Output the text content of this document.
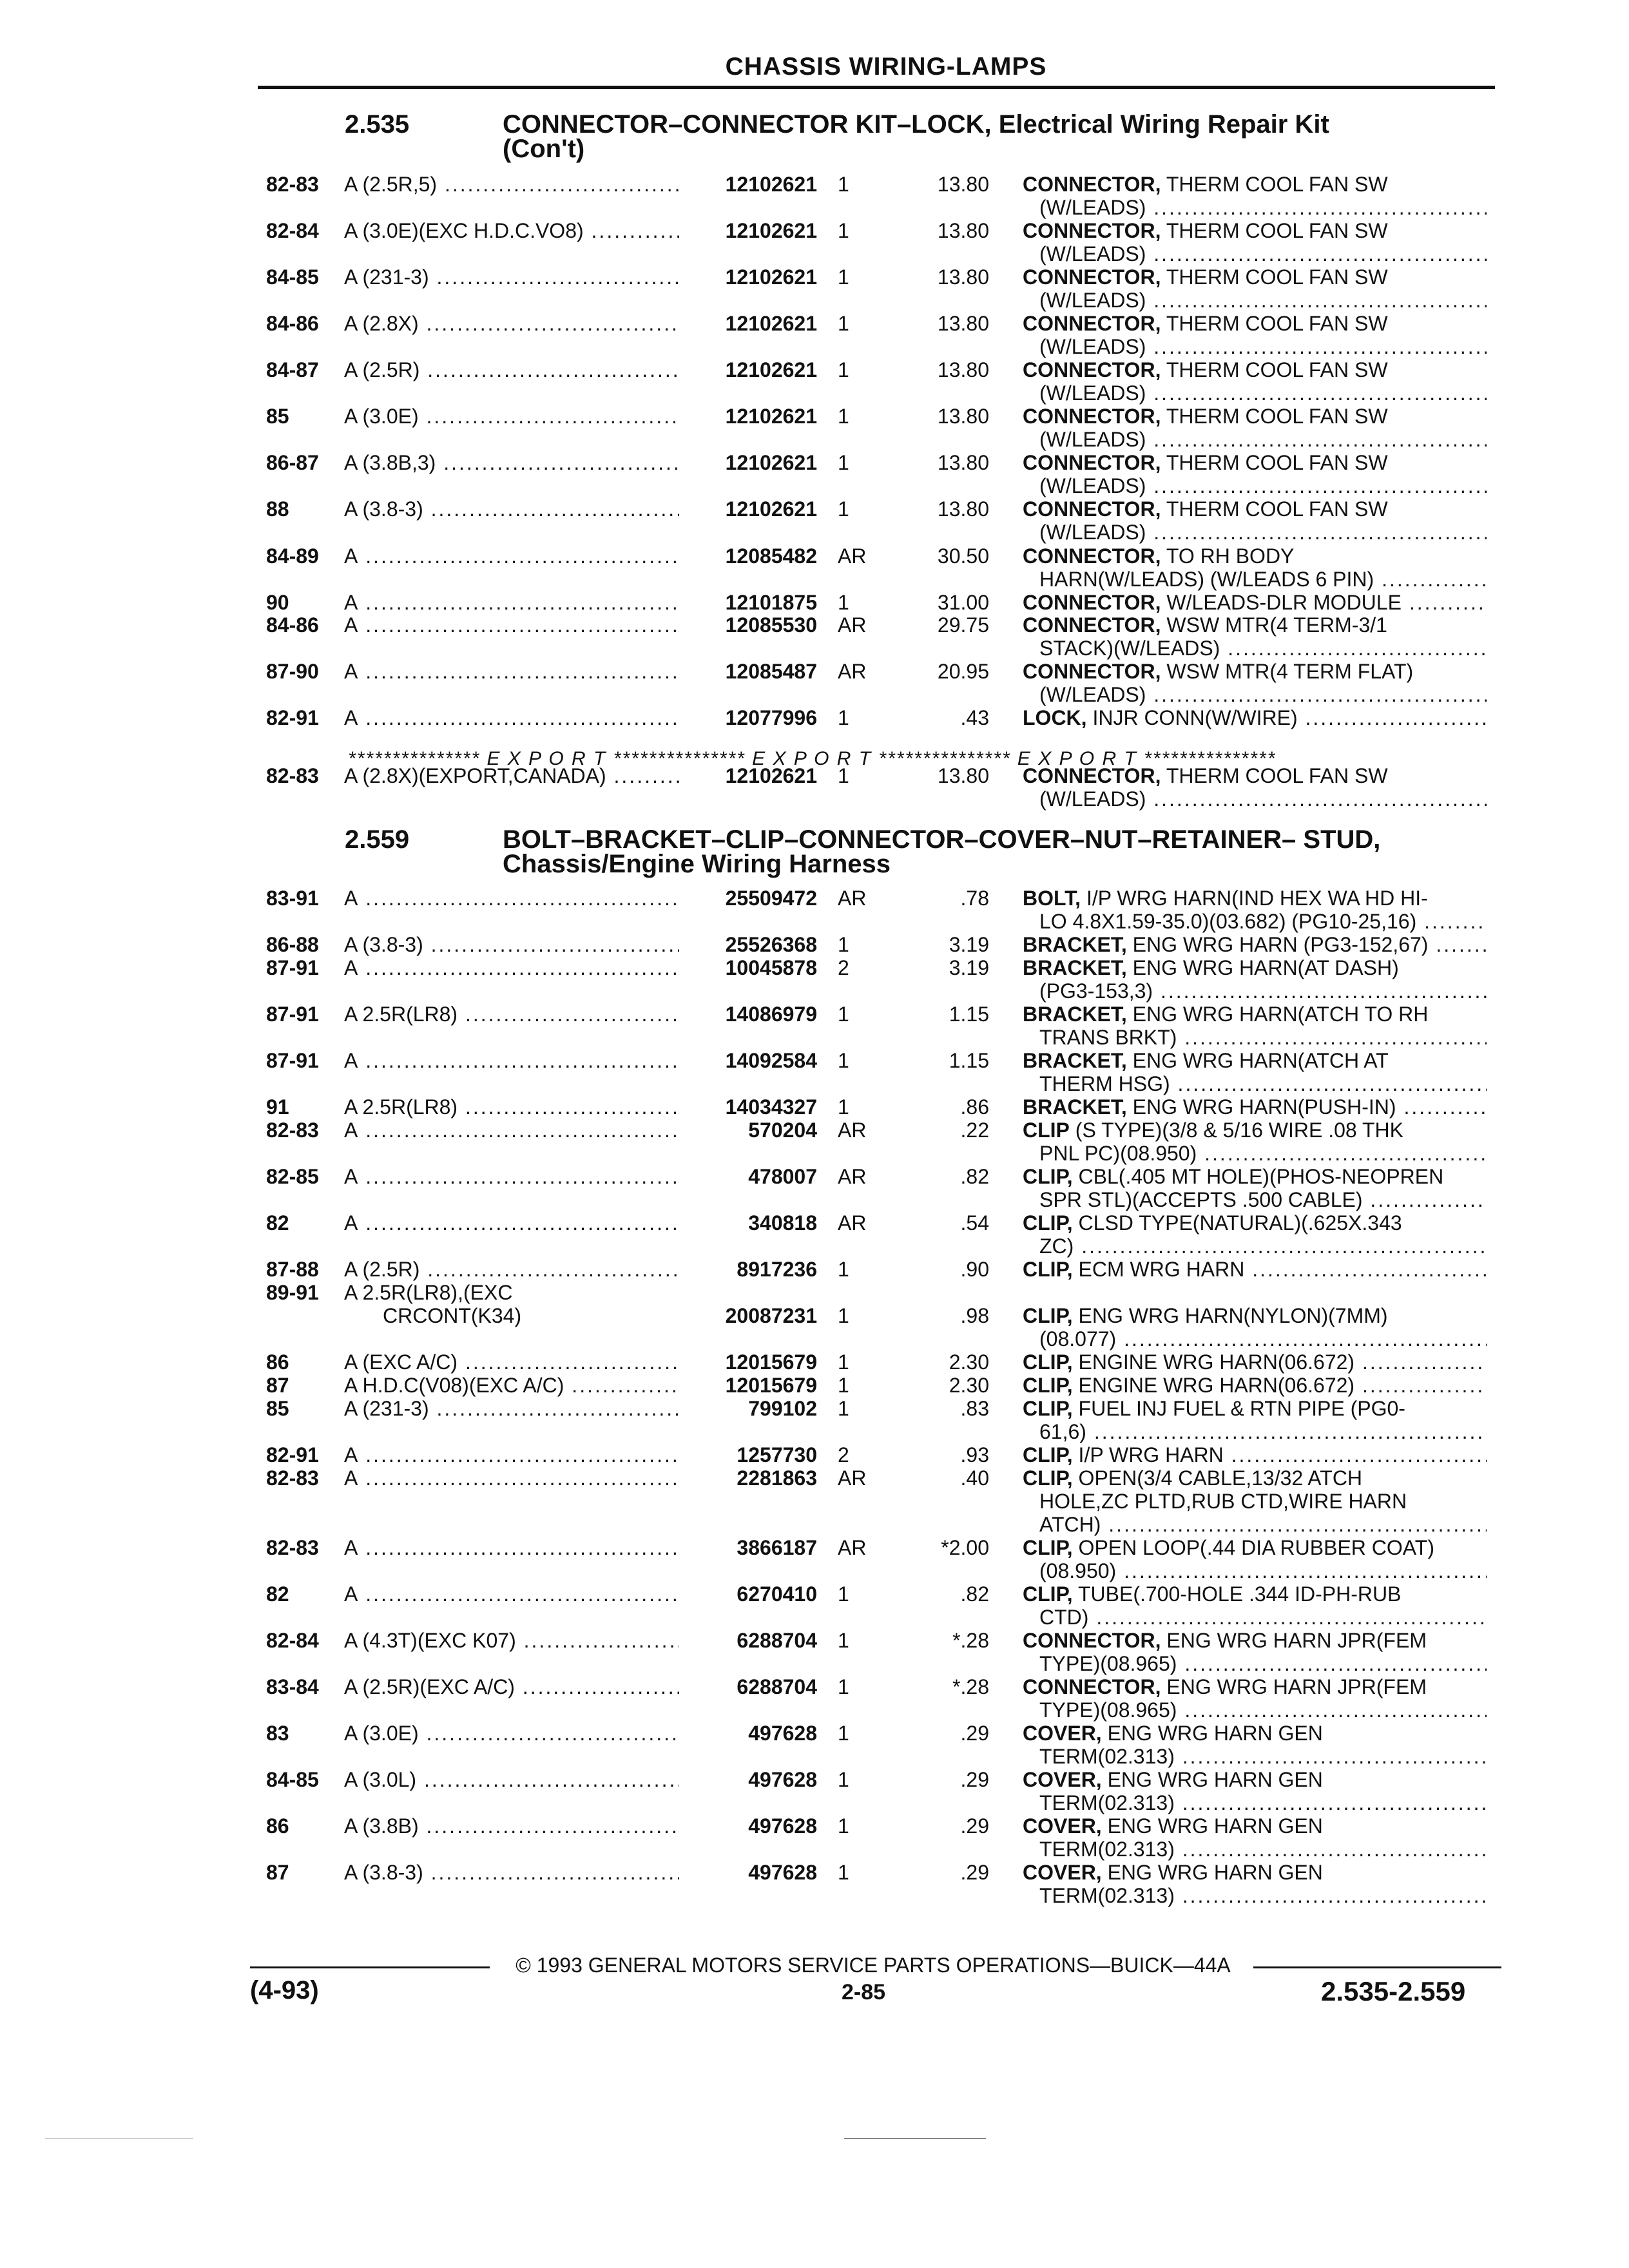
CHASSIS WIRING-LAMPS
2.535	CONNECTOR–CONNECTOR KIT–LOCK, Electrical Wiring Repair Kit
(Con't)
82-83 A (2.5R,5) .....	12102621 1	13.80 CONNECTOR, THERM COOL FAN SW
(W/LEADS) .....
82-84 A (3.0E)(EXC H.D.C.VO8) .....	12102621 1	13.80 CONNECTOR, THERM COOL FAN SW
(W/LEADS) .....
84-85 A (231-3) .....	12102621 1	13.80 CONNECTOR, THERM COOL FAN SW
(W/LEADS) .....
84-86 A (2.8X) .....	12102621 1	13.80 CONNECTOR, THERM COOL FAN SW
(W/LEADS) .....
84-87 A (2.5R) .....	12102621 1	13.80 CONNECTOR, THERM COOL FAN SW
(W/LEADS) .....
85	A (3.0E) .....	12102621 1	13.80 CONNECTOR, THERM COOL FAN SW
(W/LEADS) .....
86-87 A (3.8B,3) .....	12102621 1	13.80 CONNECTOR, THERM COOL FAN SW
(W/LEADS) .....
88	A (3.8-3) .....	12102621 1	13.80 CONNECTOR, THERM COOL FAN SW
(W/LEADS) .....
84-89 A .....	12085482 AR	30.50 CONNECTOR, TO RH BODY
HARN(W/LEADS) (W/LEADS 6 PIN) .....
90	A .....	12101875 1	31.00 CONNECTOR, W/LEADS-DLR MODULE .....
84-86 A .....	12085530 AR	29.75 CONNECTOR, WSW MTR(4 TERM-3/1
STACK)(W/LEADS) .....
87-90 A .....	12085487 AR	20.95 CONNECTOR, WSW MTR(4 TERM FLAT)
(W/LEADS) .....
82-91 A .....	12077996 1	.43 LOCK, INJR CONN(W/WIRE) .....
*************** E X P O R T *************** E X P O R T *************** E X P O R T ***************
82-83 A (2.8X)(EXPORT,CANADA) .....	12102621 1	13.80 CONNECTOR, THERM COOL FAN SW
(W/LEADS) .....
2.559	BOLT–BRACKET–CLIP–CONNECTOR–COVER–NUT–RETAINER– STUD,
Chassis/Engine Wiring Harness
83-91 A .....	25509472 AR	.78 BOLT, I/P WRG HARN(IND HEX WA HD HI-
LO 4.8X1.59-35.0)(03.682) (PG10-25,16) .....
86-88 A (3.8-3) .....	25526368 1	3.19 BRACKET, ENG WRG HARN (PG3-152,67) .....
87-91 A .....	10045878 2	3.19 BRACKET, ENG WRG HARN(AT DASH)
(PG3-153,3) .....
87-91 A 2.5R(LR8) .....	14086979 1	1.15 BRACKET, ENG WRG HARN(ATCH TO RH
TRANS BRKT) .....
87-91 A .....	14092584 1	1.15 BRACKET, ENG WRG HARN(ATCH AT
THERM HSG) .....
91	A 2.5R(LR8) .....	14034327 1	.86 BRACKET, ENG WRG HARN(PUSH-IN) .....
82-83 A .....	570204 AR	.22 CLIP (S TYPE)(3/8 & 5/16 WIRE .08 THK
PNL PC)(08.950) .....
82-85 A .....	478007 AR	.82 CLIP, CBL(.405 MT HOLE)(PHOS-NEOPREN
SPR STL)(ACCEPTS .500 CABLE) .....
82	A .....	340818 AR	.54 CLIP, CLSD TYPE(NATURAL)(.625X.343
ZC) .....
87-88 A (2.5R) .....	8917236 1	.90 CLIP, ECM WRG HARN .....
89-91 A 2.5R(LR8),(EXC
CRCONT(K34)	20087231 1	.98 CLIP, ENG WRG HARN(NYLON)(7MM)
(08.077) .....
86	A (EXC A/C) .....	12015679 1	2.30 CLIP, ENGINE WRG HARN(06.672) .....
87	A H.D.C(V08)(EXC A/C) .....	12015679 1	2.30 CLIP, ENGINE WRG HARN(06.672) .....
85	A (231-3) .....	799102 1	.83 CLIP, FUEL INJ FUEL & RTN PIPE (PG0-
61,6) .....
82-91 A .....	1257730 2	.93 CLIP, I/P WRG HARN .....
82-83 A .....	2281863 AR	.40 CLIP, OPEN(3/4 CABLE,13/32 ATCH
HOLE,ZC PLTD,RUB CTD,WIRE HARN
ATCH) .....
82-83 A .....	3866187 AR	*2.00 CLIP, OPEN LOOP(.44 DIA RUBBER COAT)
(08.950) .....
82	A .....	6270410 1	.82 CLIP, TUBE(.700-HOLE .344 ID-PH-RUB
CTD) .....
82-84 A (4.3T)(EXC K07) .....	6288704 1	*.28 CONNECTOR, ENG WRG HARN JPR(FEM
TYPE)(08.965) .....
83-84 A (2.5R)(EXC A/C) .....	6288704 1	*.28 CONNECTOR, ENG WRG HARN JPR(FEM
TYPE)(08.965) .....
83	A (3.0E) .....	497628 1	.29 COVER, ENG WRG HARN GEN
TERM(02.313) .....
84-85 A (3.0L) .....	497628 1	.29 COVER, ENG WRG HARN GEN
TERM(02.313) .....
86	A (3.8B) .....	497628 1	.29 COVER, ENG WRG HARN GEN
TERM(02.313) .....
87	A (3.8-3) .....	497628 1	.29 COVER, ENG WRG HARN GEN
TERM(02.313) .....
© 1993 GENERAL MOTORS SERVICE PARTS OPERATIONS—BUICK—44A
(4-93)	2-85	2.535-2.559
